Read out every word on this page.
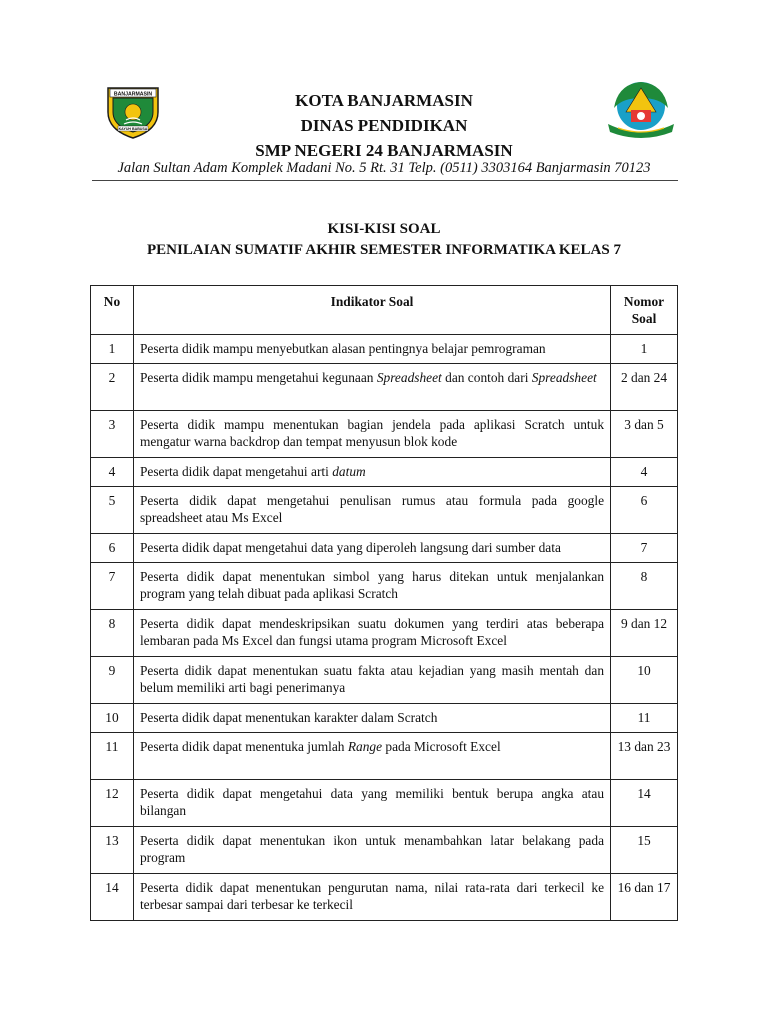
BANJARMASIN
KAYUH BABUSA
KOTA BANJARMASIN
DINAS PENDIDIKAN
SMP NEGERI 24 BANJARMASIN
Jalan Sultan Adam Komplek Madani No. 5 Rt. 31 Telp. (0511) 3303164 Banjarmasin 70123
KISI-KISI SOAL
PENILAIAN SUMATIF AKHIR SEMESTER INFORMATIKA KELAS 7
No	Indikator Soal	Nomor Soal
1	Peserta didik mampu menyebutkan alasan pentingnya belajar pemrograman	1
2	Peserta didik mampu mengetahui kegunaan Spreadsheet dan contoh dari Spreadsheet	2 dan 24
3	Peserta didik mampu menentukan bagian jendela pada aplikasi Scratch untuk mengatur warna backdrop dan tempat menyusun blok kode	3 dan 5
4	Peserta didik dapat mengetahui arti datum	4
5	Peserta didik dapat mengetahui penulisan rumus atau formula pada google spreadsheet atau Ms Excel	6
6	Peserta didik dapat mengetahui data yang diperoleh langsung dari sumber data	7
7	Peserta didik dapat menentukan simbol yang harus ditekan untuk menjalankan program yang telah dibuat pada aplikasi Scratch	8
8	Peserta didik dapat mendeskripsikan suatu dokumen yang terdiri atas beberapa lembaran pada Ms Excel dan fungsi utama program Microsoft Excel	9 dan 12
9	Peserta didik dapat menentukan suatu fakta atau kejadian yang masih mentah dan belum memiliki arti bagi penerimanya	10
10	Peserta didik dapat menentukan karakter dalam Scratch	11
11	Peserta didik dapat menentuka jumlah Range pada Microsoft Excel	13 dan 23
12	Peserta didik dapat mengetahui data yang memiliki bentuk berupa angka atau bilangan	14
13	Peserta didik dapat menentukan ikon untuk menambahkan latar belakang pada program	15
14	Peserta didik dapat menentukan pengurutan nama, nilai rata-rata dari terkecil ke terbesar sampai dari terbesar ke terkecil	16 dan 17
